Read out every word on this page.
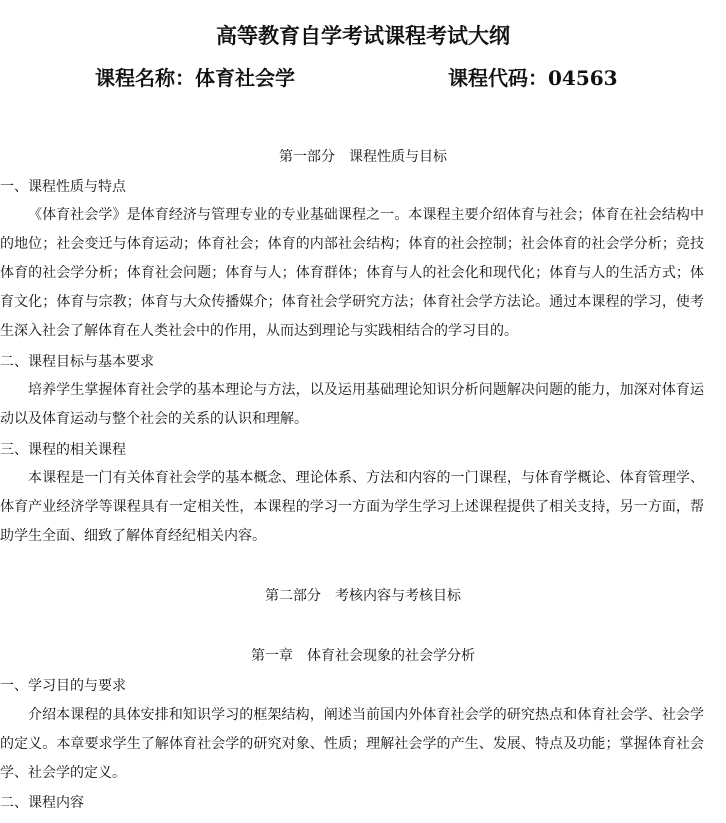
高等教育自学考试课程考试大纲
课程名称：体育社会学	课程代码：04563
第一部分　课程性质与目标
一、课程性质与特点

《体育社会学》是体育经济与管理专业的专业基础课程之一。本课程主要介绍体育与社会；体育在社会结构中的地位；社会变迁与体育运动；体育社会；体育的内部社会结构；体育的社会控制；社会体育的社会学分析；竞技体育的社会学分析；体育社会问题；体育与人；体育群体；体育与人的社会化和现代化；体育与人的生活方式；体育文化；体育与宗教；体育与大众传播媒介；体育社会学研究方法；体育社会学方法论。通过本课程的学习，使考生深入社会了解体育在人类社会中的作用，从而达到理论与实践相结合的学习目的。

二、课程目标与基本要求

培养学生掌握体育社会学的基本理论与方法，以及运用基础理论知识分析问题解决问题的能力，加深对体育运动以及体育运动与整个社会的关系的认识和理解。

三、课程的相关课程

本课程是一门有关体育社会学的基本概念、理论体系、方法和内容的一门课程，与体育学概论、体育管理学、体育产业经济学等课程具有一定相关性，本课程的学习一方面为学生学习上述课程提供了相关支持，另一方面，帮助学生全面、细致了解体育经纪相关内容。

第二部分　考核内容与考核目标
第一章　体育社会现象的社会学分析
一、学习目的与要求

介绍本课程的具体安排和知识学习的框架结构，阐述当前国内外体育社会学的研究热点和体育社会学、社会学的定义。本章要求学生了解体育社会学的研究对象、性质；理解社会学的产生、发展、特点及功能；掌握体育社会学、社会学的定义。

二、课程内容
